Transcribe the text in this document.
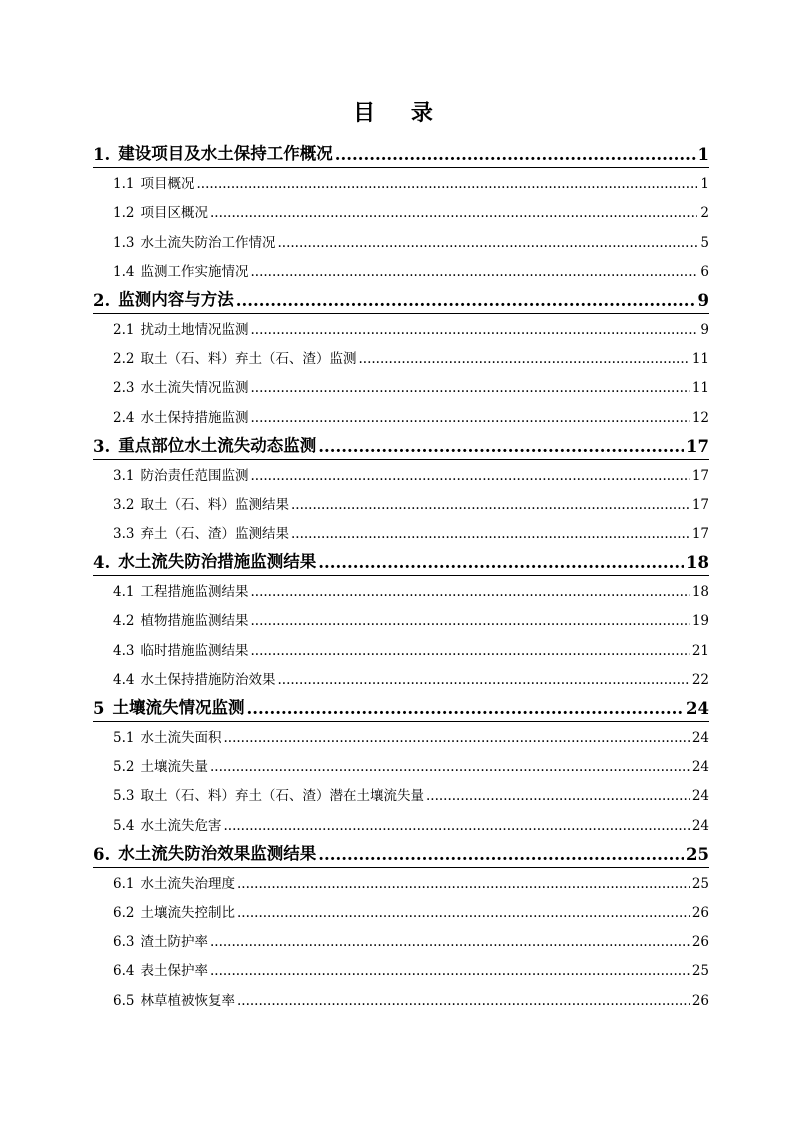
目 录
1. 建设项目及水土保持工作概况 .....	1
1.1 项目概况 .....	1
1.2 项目区概况 .....	2
1.3 水土流失防治工作情况 .....	5
1.4 监测工作实施情况 .....	6
2. 监测内容与方法 .....	9
2.1 扰动土地情况监测 .....	9
2.2 取土（石、料）弃土（石、渣）监测 .....	11
2.3 水土流失情况监测 .....	11
2.4 水土保持措施监测 .....	12
3. 重点部位水土流失动态监测 .....	17
3.1 防治责任范围监测 .....	17
3.2 取土（石、料）监测结果 .....	17
3.3 弃土（石、渣）监测结果 .....	17
4. 水土流失防治措施监测结果 .....	18
4.1 工程措施监测结果 .....	18
4.2 植物措施监测结果 .....	19
4.3 临时措施监测结果 .....	21
4.4 水土保持措施防治效果 .....	22
5 土壤流失情况监测 .....	24
5.1 水土流失面积 .....	24
5.2 土壤流失量 .....	24
5.3 取土（石、料）弃土（石、渣）潜在土壤流失量 .....	24
5.4 水土流失危害 .....	24
6. 水土流失防治效果监测结果 .....	25
6.1 水土流失治理度 .....	25
6.2 土壤流失控制比 .....	26
6.3 渣土防护率 .....	26
6.4 表土保护率 .....	25
6.5 林草植被恢复率 .....	26
